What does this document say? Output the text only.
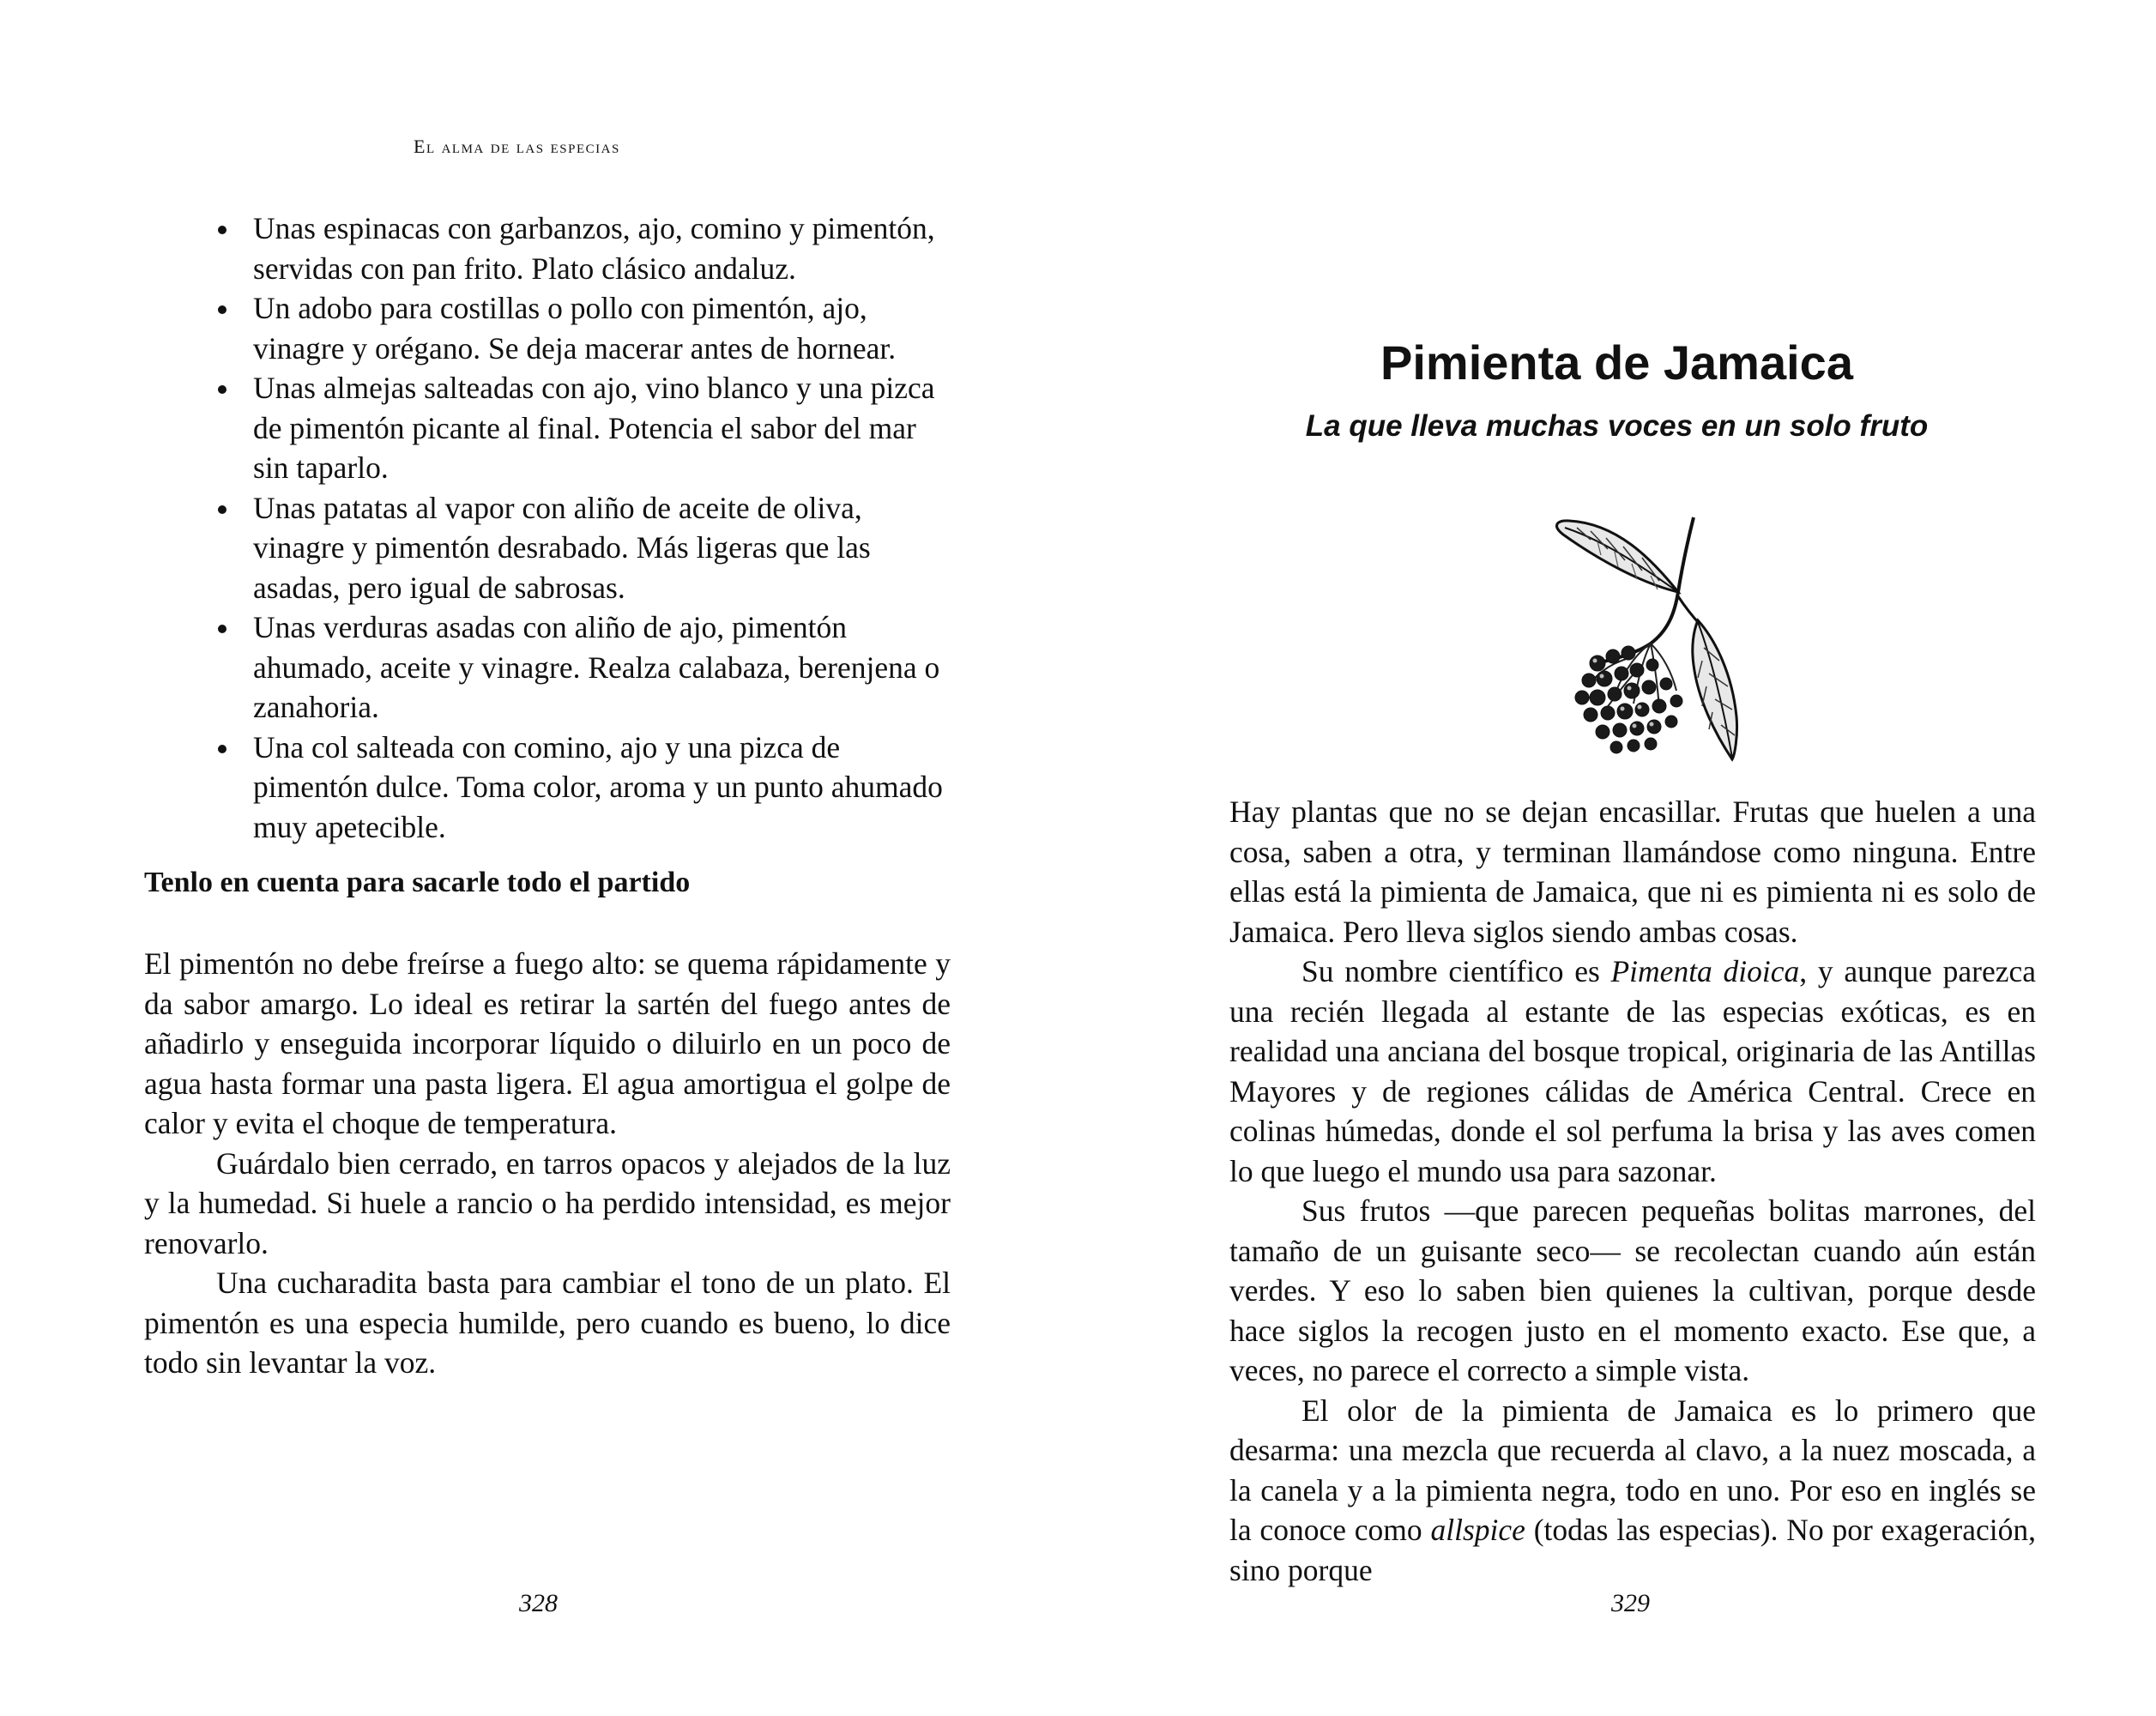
El alma de las especias
Unas espinacas con garbanzos, ajo, comino y pimentón, servidas con pan frito. Plato clásico andaluz.
Un adobo para costillas o pollo con pimentón, ajo, vinagre y orégano. Se deja macerar antes de hornear.
Unas almejas salteadas con ajo, vino blanco y una pizca de pimentón picante al final. Potencia el sabor del mar sin taparlo.
Unas patatas al vapor con aliño de aceite de oliva, vinagre y pimentón desrabado. Más ligeras que las asadas, pero igual de sabrosas.
Unas verduras asadas con aliño de ajo, pimentón ahumado, aceite y vinagre. Realza calabaza, berenjena o zanahoria.
Una col salteada con comino, ajo y una pizca de pimentón dulce. Toma color, aroma y un punto ahumado muy apetecible.
Tenlo en cuenta para sacarle todo el partido

El pimentón no debe freírse a fuego alto: se quema rápidamente y da sabor amargo. Lo ideal es retirar la sartén del fuego antes de añadirlo y enseguida incorporar líquido o diluirlo en un poco de agua hasta formar una pasta ligera. El agua amortigua el golpe de calor y evita el choque de temperatura.

Guárdalo bien cerrado, en tarros opacos y alejados de la luz y la humedad. Si huele a rancio o ha perdido intensidad, es mejor renovarlo.

Una cucharadita basta para cambiar el tono de un plato. El pimentón es una especia humilde, pero cuando es bueno, lo dice todo sin levantar la voz.

328
Pimienta de Jamaica
La que lleva muchas voces en un solo fruto

Hay plantas que no se dejan encasillar. Frutas que huelen a una cosa, saben a otra, y terminan llamándose como ninguna. Entre ellas está la pimienta de Jamaica, que ni es pimienta ni es solo de Jamaica. Pero lleva siglos siendo ambas cosas.

Su nombre científico es Pimenta dioica, y aunque parezca una recién llegada al estante de las especias exóticas, es en realidad una anciana del bosque tropical, originaria de las Antillas Mayores y de regiones cálidas de América Central. Crece en colinas húmedas, donde el sol perfuma la brisa y las aves comen lo que luego el mundo usa para sazonar.

Sus frutos —que parecen pequeñas bolitas marrones, del tamaño de un guisante seco— se recolectan cuando aún están verdes. Y eso lo saben bien quienes la cultivan, porque desde hace siglos la recogen justo en el momento exacto. Ese que, a veces, no parece el correcto a simple vista.

El olor de la pimienta de Jamaica es lo primero que desarma: una mezcla que recuerda al clavo, a la nuez moscada, a la canela y a la pimienta negra, todo en uno. Por eso en inglés se la conoce como allspice (todas las especias). No por exageración, sino porque

329
